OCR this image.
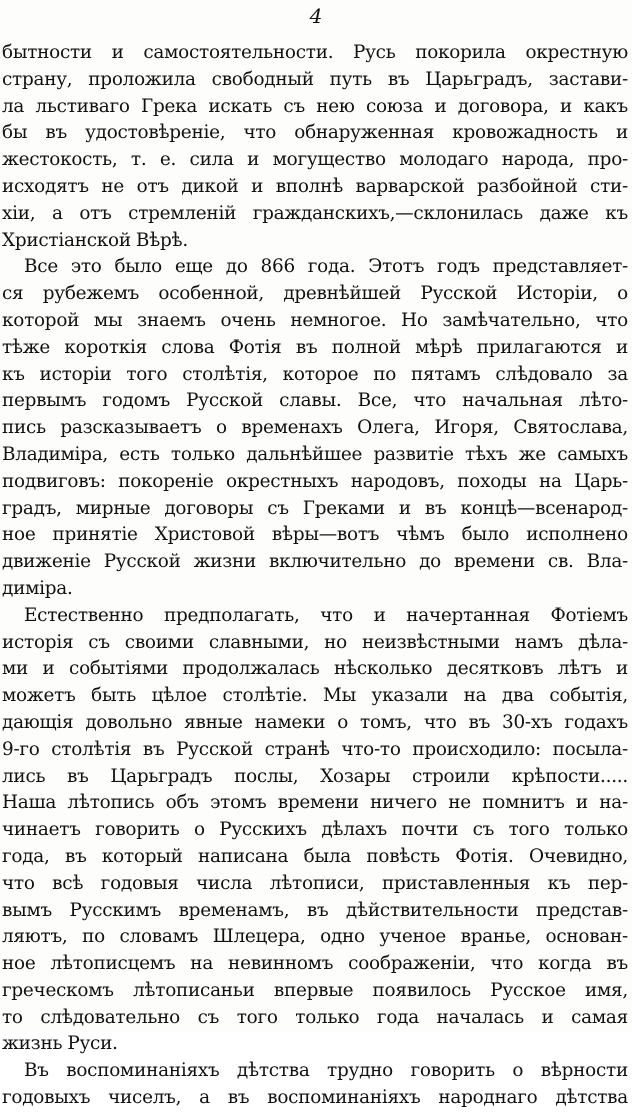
4
бытности и самостоятельности. Русь покорила окрестную
страну, проложила свободный путь въ Царьградъ, застави-
ла льстиваго Грека искать съ нею союза и договора, и какъ
бы въ удостовѣреніе, что обнаруженная кровожадность и
жестокость, т. е. сила и могущество молодаго народа, про-
исходятъ не отъ дикой и вполнѣ варварской разбойной сти-
хіи, а отъ стремленій гражданскихъ,—склонилась даже къ
Христіанской Вѣрѣ.
Все это было еще до 866 года. Этотъ годъ представляет-
ся рубежемъ особенной, древнѣйшей Русской Исторіи, о
которой мы знаемъ очень немногое. Но замѣчательно, что
тѣже короткія слова Фотія въ полной мѣрѣ прилагаются и
къ исторіи того столѣтія, которое по пятамъ слѣдовало за
первымъ годомъ Русской славы. Все, что начальная лѣто-
пись разсказываетъ о временахъ Олега, Игоря, Святослава,
Владиміра, есть только дальнѣйшее развитіе тѣхъ же самыхъ
подвиговъ: покореніе окрестныхъ народовъ, походы на Царь-
градъ, мирные договоры съ Греками и въ концѣ—всенарод-
ное принятіе Христовой вѣры—вотъ чѣмъ было исполнено
движеніе Русской жизни включительно до времени св. Вла-
диміра.
Естественно предполагать, что и начертанная Фотіемъ
исторія съ своими славными, но неизвѣстными намъ дѣла-
ми и событіями продолжалась нѣсколько десятковъ лѣтъ и
можетъ быть цѣлое столѣтіе. Мы указали на два событія,
дающія довольно явные намеки о томъ, что въ 30-хъ годахъ
9-го столѣтія въ Русской странѣ что-то происходило: посыла-
лись въ Царьградъ послы, Хозары строили крѣпости.....
Наша лѣтопись объ этомъ времени ничего не помнитъ и на-
чинаетъ говорить о Русскихъ дѣлахъ почти съ того только
года, въ который написана была повѣсть Фотія. Очевидно,
что всѣ годовыя числа лѣтописи, приставленныя къ пер-
вымъ Русскимъ временамъ, въ дѣйствительности представ-
ляютъ, по словамъ Шлецера, одно ученое вранье, основан-
ное лѣтописцемъ на невинномъ соображеніи, что когда въ
греческомъ лѣтописаньи впервые появилось Русское имя,
то слѣдовательно съ того только года началась и самая
жизнь Руси.
Въ воспоминаніяхъ дѣтства трудно говорить о вѣрности
годовыхъ чиселъ, а въ воспоминаніяхъ народнаго дѣтства
